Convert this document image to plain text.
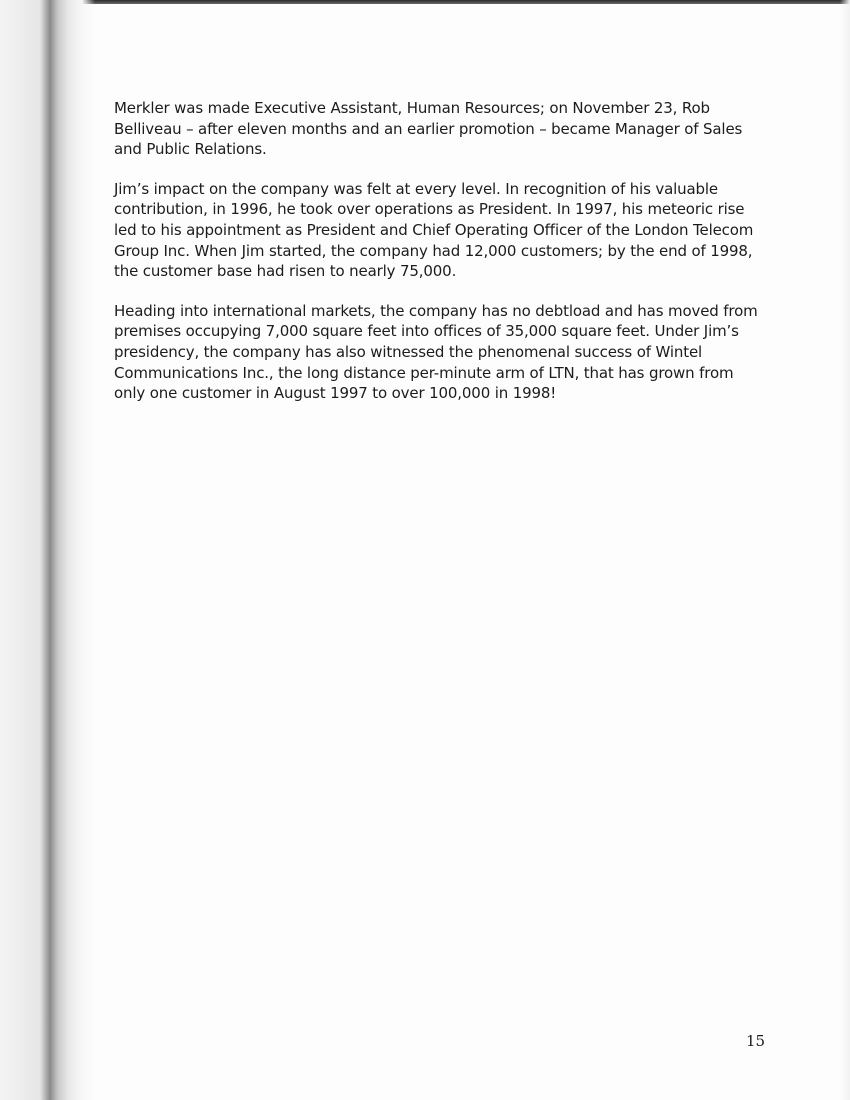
Merkler was made Executive Assistant, Human Resources; on November 23, Rob
Belliveau – after eleven months and an earlier promotion – became Manager of Sales
and Public Relations.

Jim’s impact on the company was felt at every level. In recognition of his valuable
contribution, in 1996, he took over operations as President. In 1997, his meteoric rise
led to his appointment as President and Chief Operating Officer of the London Telecom
Group Inc. When Jim started, the company had 12,000 customers; by the end of 1998,
the customer base had risen to nearly 75,000.

Heading into international markets, the company has no debtload and has moved from
premises occupying 7,000 square feet into offices of 35,000 square feet. Under Jim’s
presidency, the company has also witnessed the phenomenal success of Wintel
Communications Inc., the long distance per-minute arm of LTN, that has grown from
only one customer in August 1997 to over 100,000 in 1998!

15
